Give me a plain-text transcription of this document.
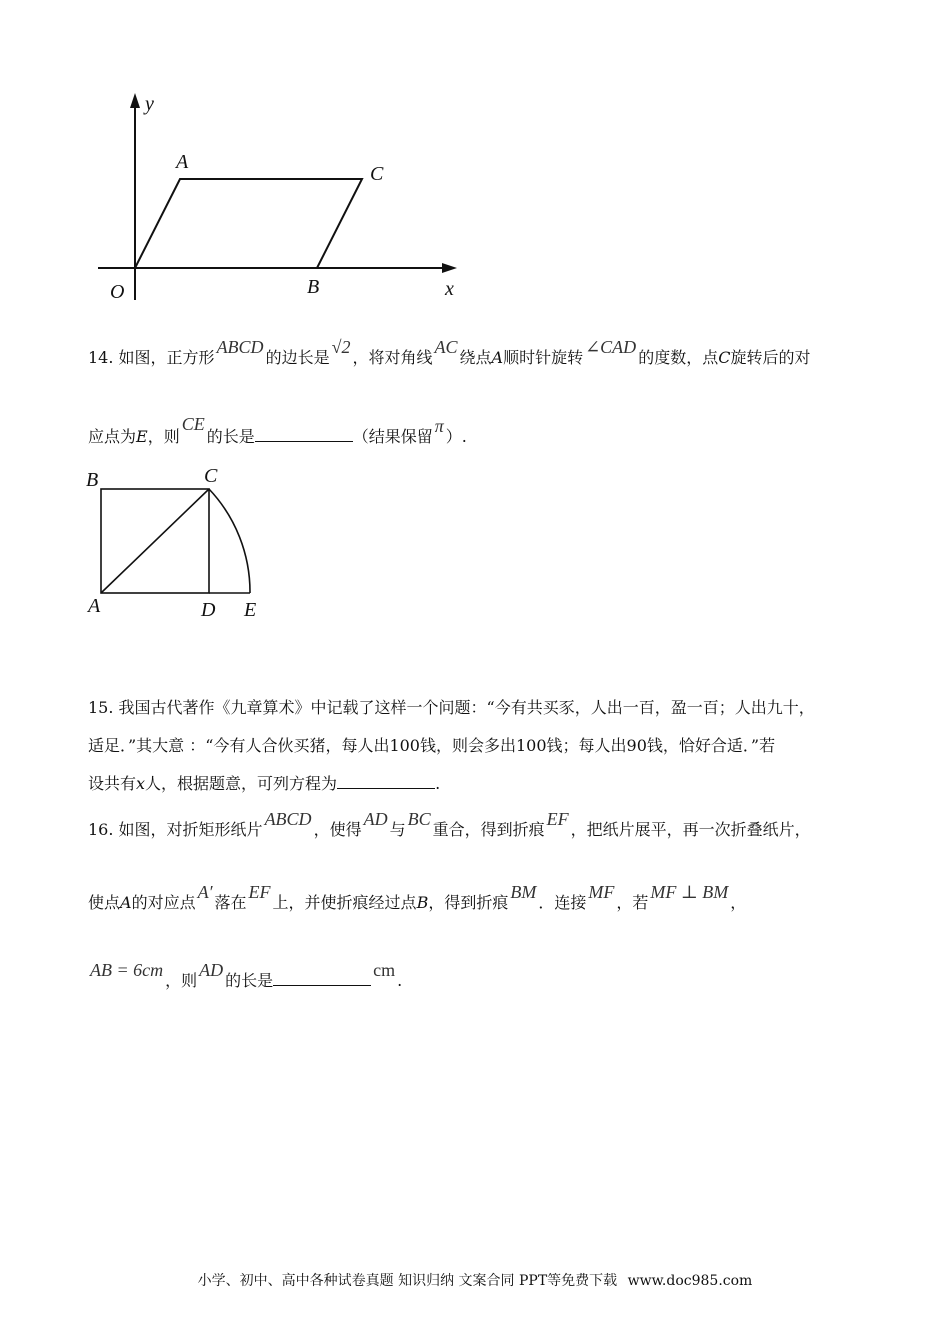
y
A
C
O	B	x
14. 如图，正方形ABCD的边长是√2，将对角线AC绕点A顺时针旋转∠CAD的度数，点C旋转后的对
应点为E，则CE的长是	（结果保留π）.
B	C
A	D E
15. 我国古代著作《九章算术》中记载了这样一个问题：“今有共买豕，人出一百，盈一百；人出九十，
适足．”其大意 ：“今有人合伙买猪，每人出100钱，则会多出100钱；每人出90钱，恰好合适．”若
设共有x人，根据题意，可列方程为	.
16. 如图，对折矩形纸片ABCD，使得AD与BC重合，得到折痕EF，把纸片展平，再一次折叠纸片，
使点A的对应点A′落在EF上，并使折痕经过点B，得到折痕BM．连接MF，若MF ⊥ BM，
AB = 6cm，则AD的长是cm.
小学、初中、高中各种试卷真题 知识归纳 文案合同 PPT等免费下载 www.doc985.com
